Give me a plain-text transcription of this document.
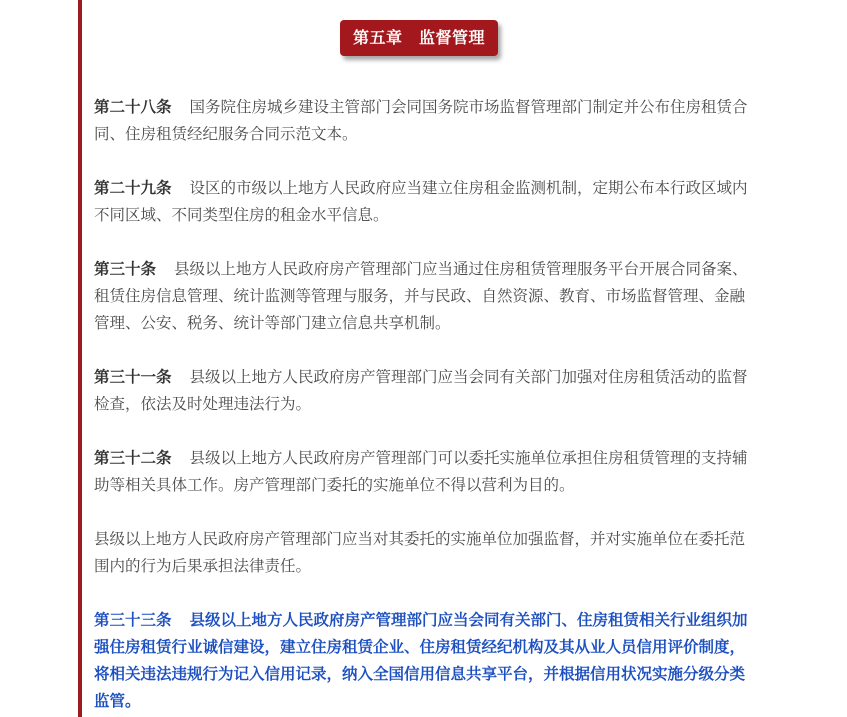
第五章　监督管理

第二十八条 国务院住房城乡建设主管部门会同国务院市场监督管理部门制定并公布住房租赁合同、住房租赁经纪服务合同示范文本。

第二十九条 设区的市级以上地方人民政府应当建立住房租金监测机制，定期公布本行政区域内不同区域、不同类型住房的租金水平信息。

第三十条 县级以上地方人民政府房产管理部门应当通过住房租赁管理服务平台开展合同备案、租赁住房信息管理、统计监测等管理与服务，并与民政、自然资源、教育、市场监督管理、金融管理、公安、税务、统计等部门建立信息共享机制。

第三十一条 县级以上地方人民政府房产管理部门应当会同有关部门加强对住房租赁活动的监督检查，依法及时处理违法行为。

第三十二条 县级以上地方人民政府房产管理部门可以委托实施单位承担住房租赁管理的支持辅助等相关具体工作。房产管理部门委托的实施单位不得以营利为目的。

县级以上地方人民政府房产管理部门应当对其委托的实施单位加强监督，并对实施单位在委托范围内的行为后果承担法律责任。

第三十三条 县级以上地方人民政府房产管理部门应当会同有关部门、住房租赁相关行业组织加强住房租赁行业诚信建设，建立住房租赁企业、住房租赁经纪机构及其从业人员信用评价制度，将相关违法违规行为记入信用记录，纳入全国信用信息共享平台，并根据信用状况实施分级分类监管。
